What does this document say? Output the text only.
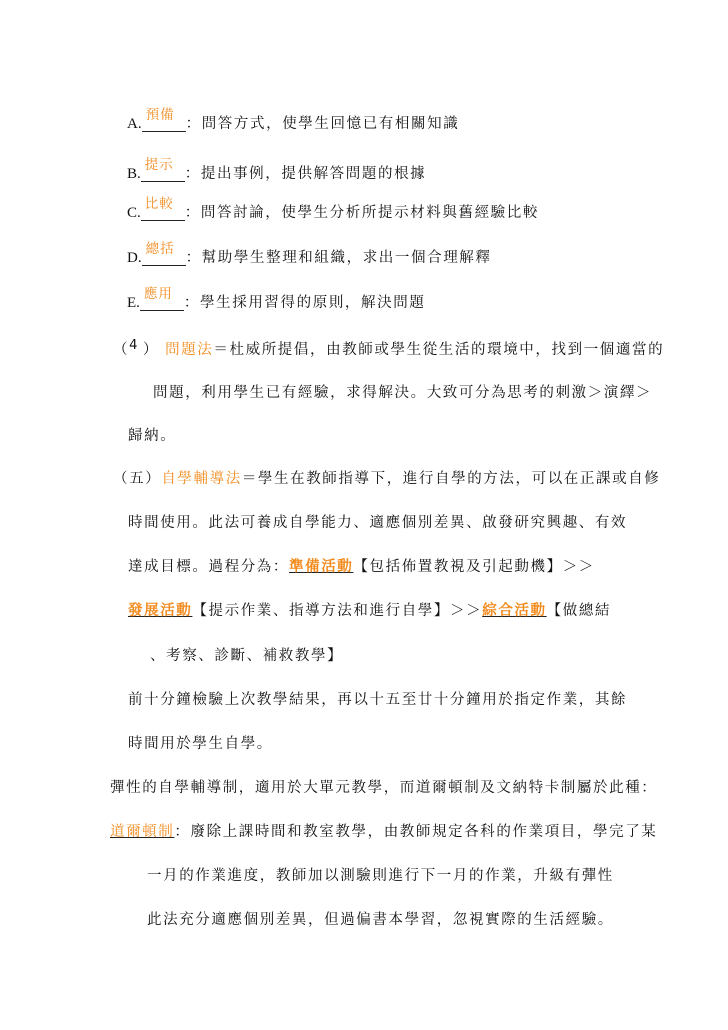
A.
預備
：問答方式，使學生回憶已有相關知識
B.
提示
：提出事例，提供解答問題的根據
C.
比較
：問答討論，使學生分析所提示材料與舊經驗比較
D.
總括
：幫助學生整理和組織，求出一個合理解釋
E.
應用
：學生採用習得的原則，解決問題
（4 ） 問題法＝杜威所提倡，由教師或學生從生活的環境中，找到一個適當的
問題，利用學生已有經驗，求得解決。大致可分為思考的刺激＞演繹＞
歸納。
（五）自學輔導法＝學生在教師指導下，進行自學的方法，可以在正課或自修
時間使用。此法可養成自學能力、適應個別差異、啟發研究興趣、有效
達成目標。過程分為：準備活動【包括佈置教視及引起動機】＞＞
發展活動【提示作業、指導方法和進行自學】＞＞綜合活動【做總結
、考察、診斷、補救教學】
前十分鐘檢驗上次教學結果，再以十五至廿十分鐘用於指定作業，其餘
時間用於學生自學。
彈性的自學輔導制，適用於大單元教學，而道爾頓制及文納特卡制屬於此種：
道爾頓制：廢除上課時間和教室教學，由教師規定各科的作業項目，學完了某
一月的作業進度，教師加以測驗則進行下一月的作業，升級有彈性
此法充分適應個別差異，但過偏書本學習，忽視實際的生活經驗。
